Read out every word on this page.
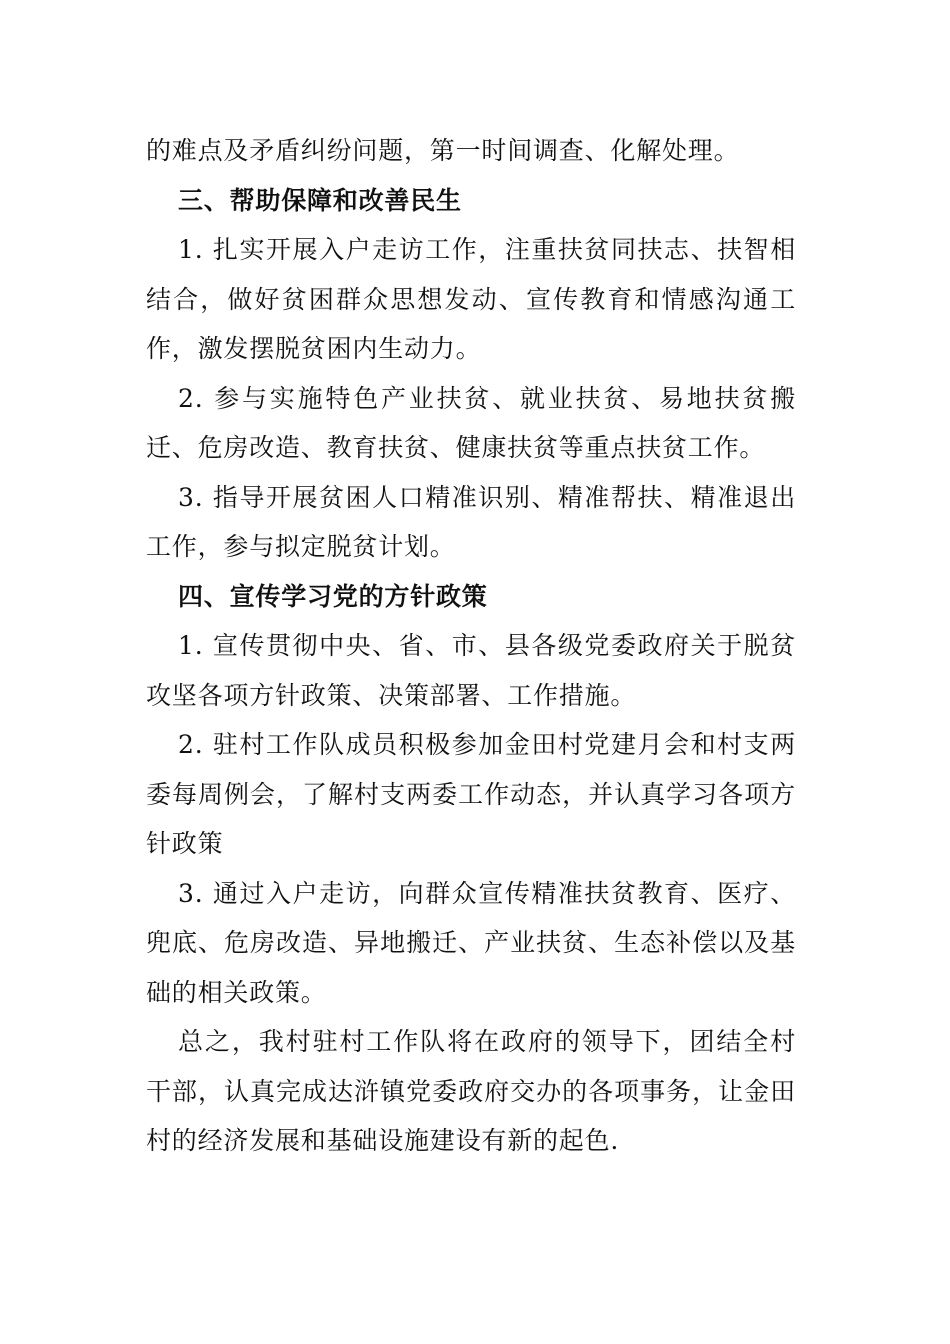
的难点及矛盾纠纷问题，第一时间调查、化解处理。

三、帮助保障和改善民生

1. 扎实开展入户走访工作，注重扶贫同扶志、扶智相结合，做好贫困群众思想发动、宣传教育和情感沟通工作，激发摆脱贫困内生动力。

2. 参与实施特色产业扶贫、就业扶贫、易地扶贫搬迁、危房改造、教育扶贫、健康扶贫等重点扶贫工作。

3. 指导开展贫困人口精准识别、精准帮扶、精准退出工作，参与拟定脱贫计划。

四、宣传学习党的方针政策

1. 宣传贯彻中央、省、市、县各级党委政府关于脱贫攻坚各项方针政策、决策部署、工作措施。

2. 驻村工作队成员积极参加金田村党建月会和村支两委每周例会，了解村支两委工作动态，并认真学习各项方针政策

3. 通过入户走访，向群众宣传精准扶贫教育、医疗、兜底、危房改造、异地搬迁、产业扶贫、生态补偿以及基础的相关政策。

总之，我村驻村工作队将在政府的领导下，团结全村干部，认真完成达浒镇党委政府交办的各项事务，让金田村的经济发展和基础设施建设有新的起色.
